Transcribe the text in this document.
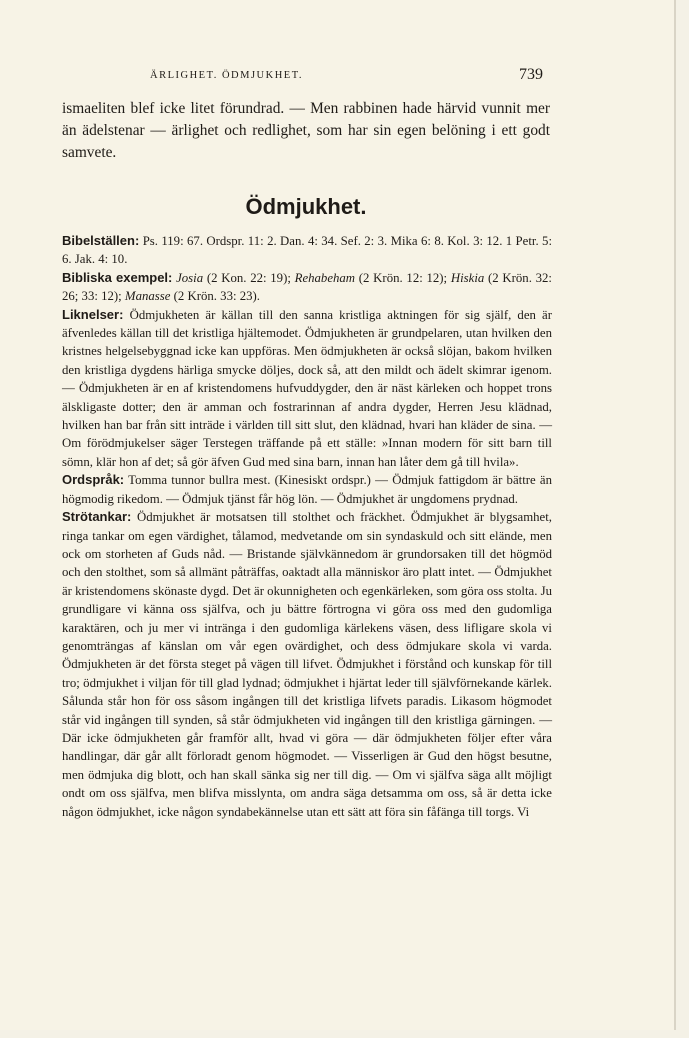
ÄRLIGHET. ÖDMJUKHET.	739
ismaeliten blef icke litet förundrad. — Men rabbinen hade härvid vunnit mer än ädelstenar — ärlighet och redlighet, som har sin egen belöning i ett godt samvete.
Ödmjukhet.

Bibelställen: Ps. 119: 67. Ordspr. 11: 2. Dan. 4: 34. Sef. 2: 3. Mika 6: 8. Kol. 3: 12. 1 Petr. 5: 6. Jak. 4: 10.

Bibliska exempel: Josia (2 Kon. 22: 19); Rehabeham (2 Krön. 12: 12); Hiskia (2 Krön. 32: 26; 33: 12); Manasse (2 Krön. 33: 23).

Liknelser: Ödmjukheten är källan till den sanna kristliga aktningen för sig själf, den är äfvenledes källan till det kristliga hjältemodet. Ödmjukheten är grundpelaren, utan hvilken den kristnes helgelsebyggnad icke kan uppföras. Men ödmjukheten är också slöjan, bakom hvilken den kristliga dygdens härliga smycke döljes, dock så, att den mildt och ädelt skimrar igenom. — Ödmjukheten är en af kristendomens hufvuddygder, den är näst kärleken och hoppet trons älskligaste dotter; den är amman och fostrarinnan af andra dygder, Herren Jesu klädnad, hvilken han bar från sitt inträde i världen till sitt slut, den klädnad, hvari han kläder de sina. — Om förödmjukelser säger Terstegen träffande på ett ställe: »Innan modern för sitt barn till sömn, klär hon af det; så gör äfven Gud med sina barn, innan han låter dem gå till hvila».

Ordspråk: Tomma tunnor bullra mest. (Kinesiskt ordspr.) — Ödmjuk fattigdom är bättre än högmodig rikedom. — Ödmjuk tjänst får hög lön. — Ödmjukhet är ungdomens prydnad.

Strötankar: Ödmjukhet är motsatsen till stolthet och fräckhet. Ödmjukhet är blygsamhet, ringa tankar om egen värdighet, tålamod, medvetande om sin syndaskuld och sitt elände, men ock om storheten af Guds nåd. — Bristande självkännedom är grundorsaken till det högmöd och den stolthet, som så allmänt påträffas, oaktadt alla människor äro platt intet. — Ödmjukhet är kristendomens skönaste dygd. Det är okunnigheten och egenkärleken, som göra oss stolta. Ju grundligare vi känna oss själfva, och ju bättre förtrogna vi göra oss med den gudomliga karaktären, och ju mer vi intränga i den gudomliga kärlekens väsen, dess lifligare skola vi genomträngas af känslan om vår egen ovärdighet, och dess ödmjukare skola vi varda. Ödmjukheten är det första steget på vägen till lifvet. Ödmjukhet i förstånd och kunskap för till tro; ödmjukhet i viljan för till glad lydnad; ödmjukhet i hjärtat leder till självförnekande kärlek. Sålunda står hon för oss såsom ingången till det kristliga lifvets paradis. Likasom högmodet står vid ingången till synden, så står ödmjukheten vid ingången till den kristliga gärningen. — Där icke ödmjukheten går framför allt, hvad vi göra — där ödmjukheten följer efter våra handlingar, där går allt förloradt genom högmodet. — Visserligen är Gud den högst besutne, men ödmjuka dig blott, och han skall sänka sig ner till dig. — Om vi själfva säga allt möjligt ondt om oss själfva, men blifva misslynta, om andra säga detsamma om oss, så är detta icke någon ödmjukhet, icke någon syndabekännelse utan ett sätt att föra sin fåfänga till torgs. Vi
